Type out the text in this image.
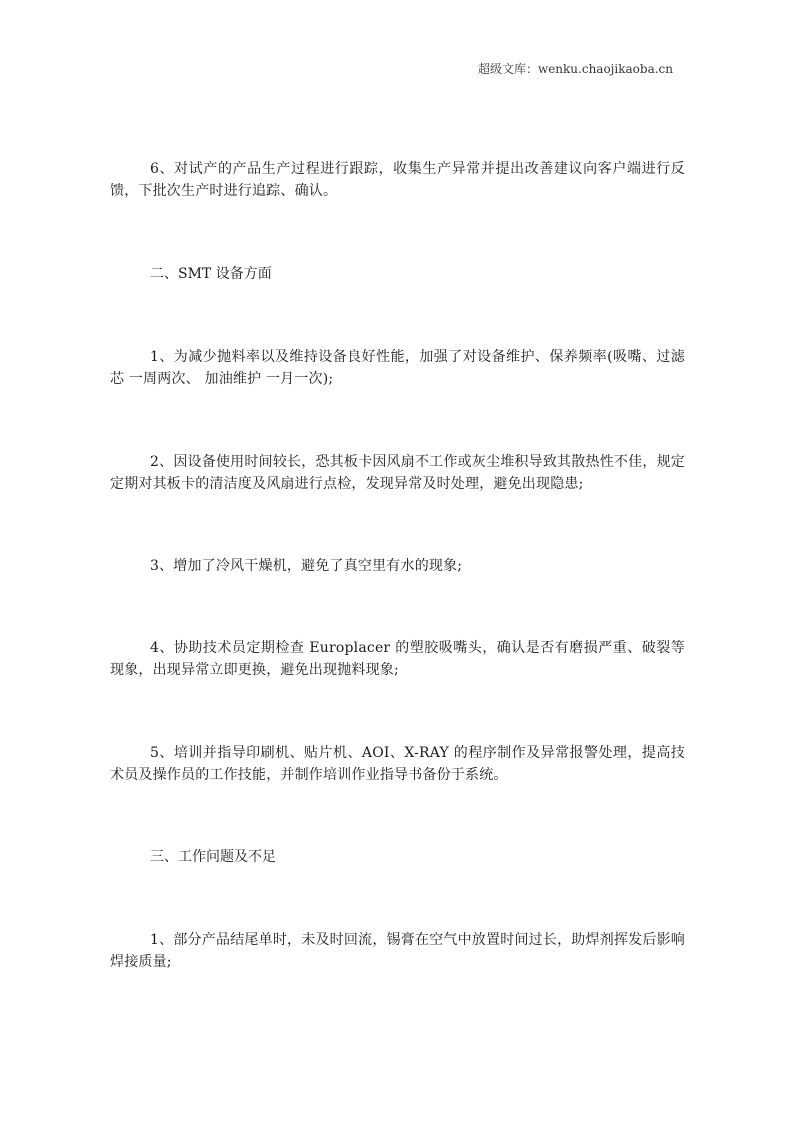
超级文库：wenku.chaojikaoba.cn

6、对试产的产品生产过程进行跟踪，收集生产异常并提出改善建议向客户端进行反馈，下批次生产时进行追踪、确认。

二、SMT 设备方面

1、为减少抛料率以及维持设备良好性能，加强了对设备维护、保养频率(吸嘴、过滤芯 一周两次、 加油维护 一月一次);

2、因设备使用时间较长，恐其板卡因风扇不工作或灰尘堆积导致其散热性不佳，规定定期对其板卡的清洁度及风扇进行点检，发现异常及时处理，避免出现隐患;

3、增加了冷风干燥机，避免了真空里有水的现象;

4、协助技术员定期检查 Europlacer 的塑胶吸嘴头，确认是否有磨损严重、破裂等现象，出现异常立即更换，避免出现抛料现象;

5、培训并指导印刷机、贴片机、AOI、X-RAY 的程序制作及异常报警处理，提高技术员及操作员的工作技能，并制作培训作业指导书备份于系统。

三、工作问题及不足

1、部分产品结尾单时，未及时回流，锡膏在空气中放置时间过长，助焊剂挥发后影响焊接质量;
